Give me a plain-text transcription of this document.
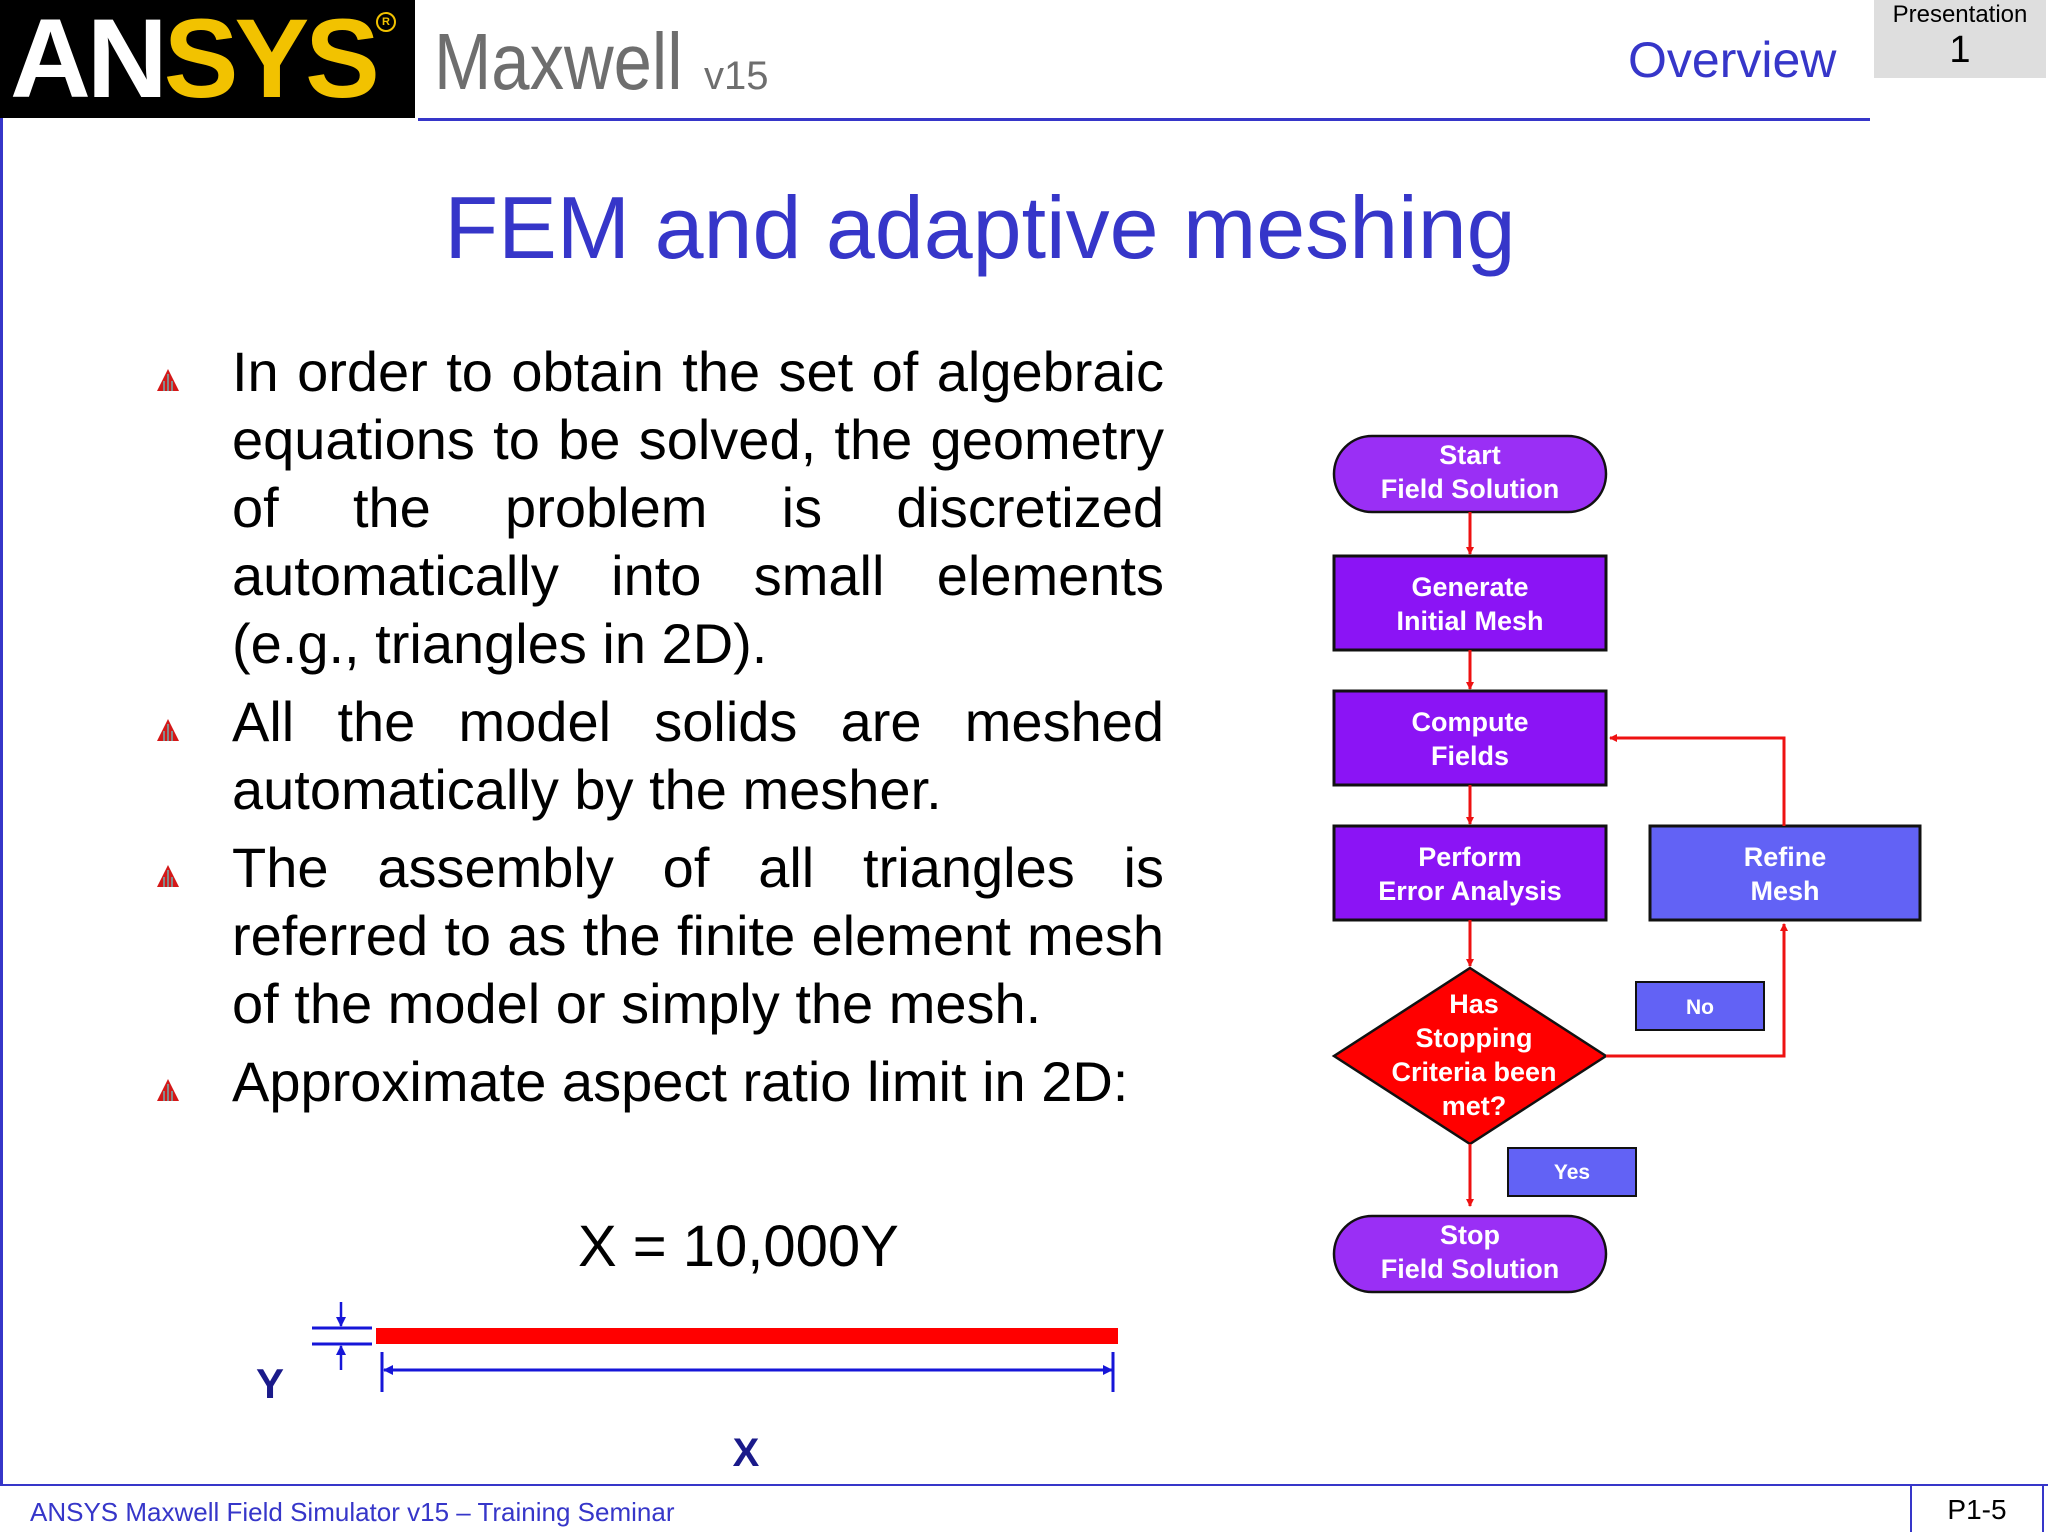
ANSYS R Maxwell v15	Overview
Presentation
1
FEM and adaptive meshing
In order to obtain the set of algebraic equations to be solved, the geometry of the problem is discretized automatically into small elements (e.g., triangles in 2D).
All the model solids are meshed automatically by the mesher.
The assembly of all triangles is referred to as the finite element mesh of the model or simply the mesh.
Approximate aspect ratio limit in 2D:
X = 10,000Y
Y
X
Start
Field Solution
Generate
Initial Mesh
Compute
Fields
Perform
Error Analysis
Has
Stopping
Criteria been
met?
No
Refine
Mesh
Yes
Stop
Field Solution
ANSYS Maxwell Field Simulator v15 – Training Seminar	P1-5
